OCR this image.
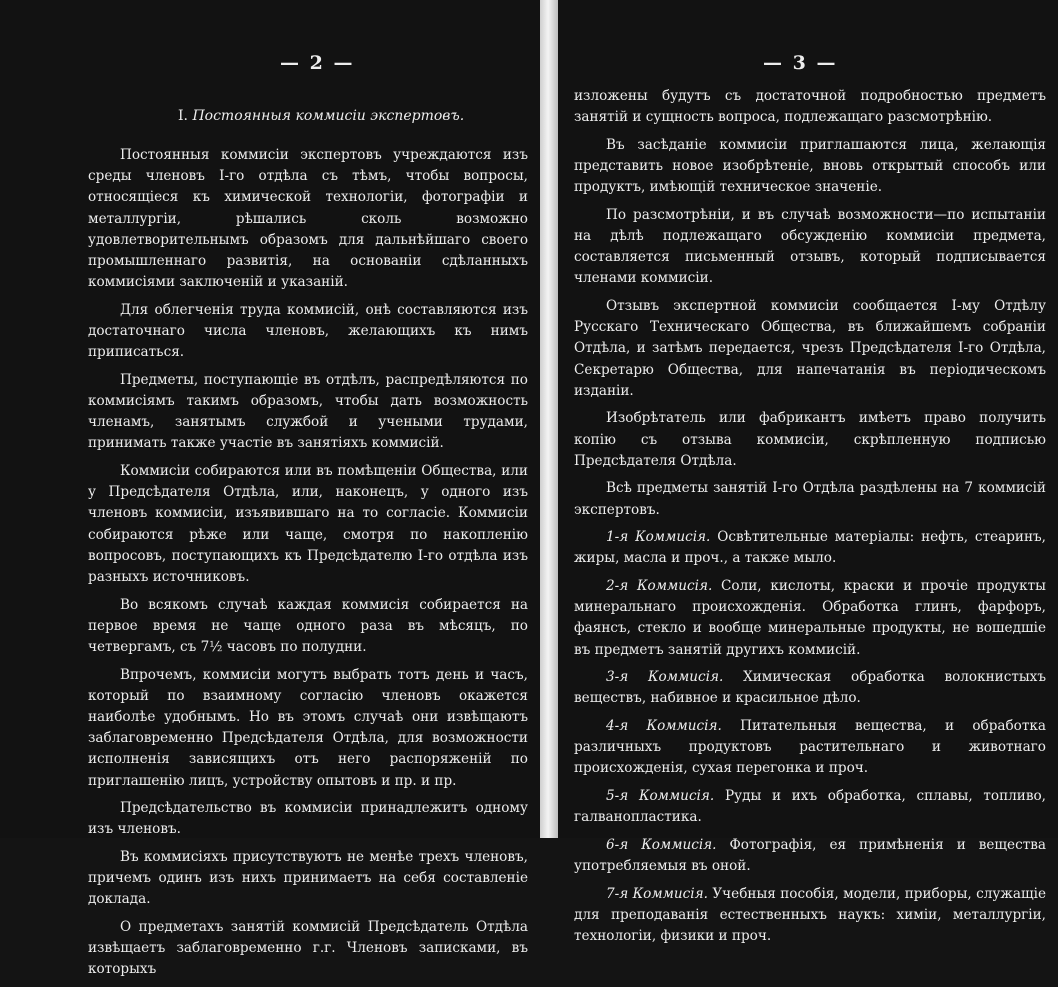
— 2 —
I. Постоянныя коммисіи экспертовъ.

Постоянныя коммисіи экспертовъ учреждаются изъ среды членовъ I-го отдѣла съ тѣмъ, чтобы вопросы, относящіеся къ химической технологіи, фотографіи и металлургіи, рѣшались сколь возможно удовлетворительнымъ образомъ для дальнѣйшаго своего промышленнаго развитія, на основаніи сдѣланныхъ коммисіями заключеній и указаній.

Для облегченія труда коммисій, онѣ составляются изъ достаточнаго числа членовъ, желающихъ къ нимъ приписаться.

Предметы, поступающіе въ отдѣлъ, распредѣляются по коммисіямъ такимъ образомъ, чтобы дать возможность членамъ, занятымъ службой и учеными трудами, принимать также участіе въ занятіяхъ коммисій.

Коммисіи собираются или въ помѣщеніи Общества, или у Предсѣдателя Отдѣла, или, наконецъ, у одного изъ членовъ коммисіи, изъявившаго на то согласіе. Коммисіи собираются рѣже или чаще, смотря по накопленію вопросовъ, поступающихъ къ Предсѣдателю I-го отдѣла изъ разныхъ источниковъ.

Во всякомъ случаѣ каждая коммисія собирается на первое время не чаще одного раза въ мѣсяцъ, по четвергамъ, съ 7½ часовъ по полудни.

Впрочемъ, коммисіи могутъ выбрать тотъ день и часъ, который по взаимному согласію членовъ окажется наиболѣе удобнымъ. Но въ этомъ случаѣ они извѣщаютъ заблаговременно Предсѣдателя Отдѣла, для возможности исполненія зависящихъ отъ него распоряженій по приглашенію лицъ, устройству опытовъ и пр. и пр.

Предсѣдательство въ коммисіи принадлежитъ одному изъ членовъ.

Въ коммисіяхъ присутствуютъ не менѣе трехъ членовъ, причемъ одинъ изъ нихъ принимаетъ на себя составленіе доклада.

О предметахъ занятій коммисій Предсѣдатель Отдѣла извѣщаетъ заблаговременно г.г. Членовъ записками, въ которыхъ

— 3 —

изложены будутъ съ достаточной подробностью предметъ занятій и сущность вопроса, подлежащаго разсмотрѣнію.

Въ засѣданіе коммисіи приглашаются лица, желающія представить новое изобрѣтеніе, вновь открытый способъ или продуктъ, имѣющій техническое значеніе.

По разсмотрѣніи, и въ случаѣ возможности—по испытаніи на дѣлѣ подлежащаго обсужденію коммисіи предмета, составляется письменный отзывъ, который подписывается членами коммисіи.

Отзывъ экспертной коммисіи сообщается I-му Отдѣлу Русскаго Техническаго Общества, въ ближайшемъ собраніи Отдѣла, и затѣмъ передается, чрезъ Предсѣдателя I-го Отдѣла, Секретарю Общества, для напечатанія въ періодическомъ изданіи.

Изобрѣтатель или фабрикантъ имѣетъ право получить копію съ отзыва коммисіи, скрѣпленную подписью Предсѣдателя Отдѣла.

Всѣ предметы занятій I-го Отдѣла раздѣлены на 7 коммисій экспертовъ.

1-я Коммисія. Освѣтительные матеріалы: нефть, стеаринъ, жиры, масла и проч., а также мыло.

2-я Коммисія. Соли, кислоты, краски и прочіе продукты минеральнаго происхожденія. Обработка глинъ, фарфоръ, фаянсъ, стекло и вообще минеральные продукты, не вошедшіе въ предметъ занятій другихъ коммисій.

3-я Коммисія. Химическая обработка волокнистыхъ веществъ, набивное и красильное дѣло.

4-я Коммисія. Питательныя вещества, и обработка различныхъ продуктовъ растительнаго и животнаго происхожденія, сухая перегонка и проч.

5-я Коммисія. Руды и ихъ обработка, сплавы, топливо, галванопластика.

6-я Коммисія. Фотографія, ея примѣненія и вещества употребляемыя въ оной.

7-я Коммисія. Учебныя пособія, модели, приборы, служащіе для преподаванія естественныхъ наукъ: химіи, металлургіи, технологіи, физики и проч.
